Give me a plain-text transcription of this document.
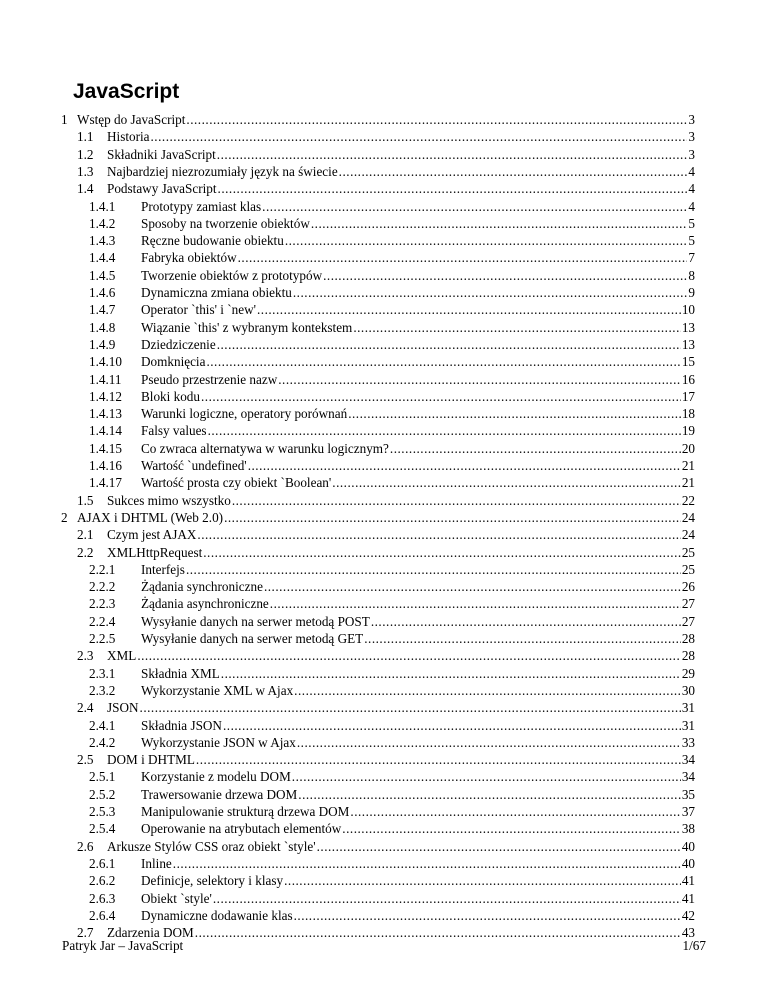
JavaScript
1 Wstęp do JavaScript .....	3
1.1	Historia .....	3
1.2	Składniki JavaScript .....	3
1.3	Najbardziej niezrozumiały język na świecie .....	4
1.4	Podstawy JavaScript .....	4
1.4.1	Prototypy zamiast klas .....	4
1.4.2	Sposoby na tworzenie obiektów .....	5
1.4.3	Ręczne budowanie obiektu .....	5
1.4.4	Fabryka obiektów .....	7
1.4.5	Tworzenie obiektów z prototypów .....	8
1.4.6	Dynamiczna zmiana obiektu .....	9
1.4.7	Operator `this' i `new' .....	10
1.4.8	Wiązanie `this' z wybranym kontekstem .....	13
1.4.9	Dziedziczenie .....	13
1.4.10	Domknięcia .....	15
1.4.11	Pseudo przestrzenie nazw .....	16
1.4.12	Bloki kodu .....	17
1.4.13	Warunki logiczne, operatory porównań .....	18
1.4.14	Falsy values .....	19
1.4.15	Co zwraca alternatywa w warunku logicznym? .....	20
1.4.16	Wartość `undefined' .....	21
1.4.17	Wartość prosta czy obiekt `Boolean' .....	21
1.5	Sukces mimo wszystko .....	22
2 AJAX i DHTML (Web 2.0) .....	24
2.1	Czym jest AJAX .....	24
2.2	XMLHttpRequest .....	25
2.2.1	Interfejs .....	25
2.2.2	Żądania synchroniczne .....	26
2.2.3	Żądania asynchroniczne .....	27
2.2.4	Wysyłanie danych na serwer metodą POST .....	27
2.2.5	Wysyłanie danych na serwer metodą GET .....	28
2.3	XML .....	28
2.3.1	Składnia XML .....	29
2.3.2	Wykorzystanie XML w Ajax .....	30
2.4	JSON .....	31
2.4.1	Składnia JSON .....	31
2.4.2	Wykorzystanie JSON w Ajax .....	33
2.5	DOM i DHTML .....	34
2.5.1	Korzystanie z modelu DOM .....	34
2.5.2	Trawersowanie drzewa DOM .....	35
2.5.3	Manipulowanie strukturą drzewa DOM .....	37
2.5.4	Operowanie na atrybutach elementów .....	38
2.6	Arkusze Stylów CSS oraz obiekt `style' .....	40
2.6.1	Inline .....	40
2.6.2	Definicje, selektory i klasy .....	41
2.6.3	Obiekt `style' .....	41
2.6.4	Dynamiczne dodawanie klas .....	42
2.7	Zdarzenia DOM .....	43
Patryk Jar – JavaScript	1/67
